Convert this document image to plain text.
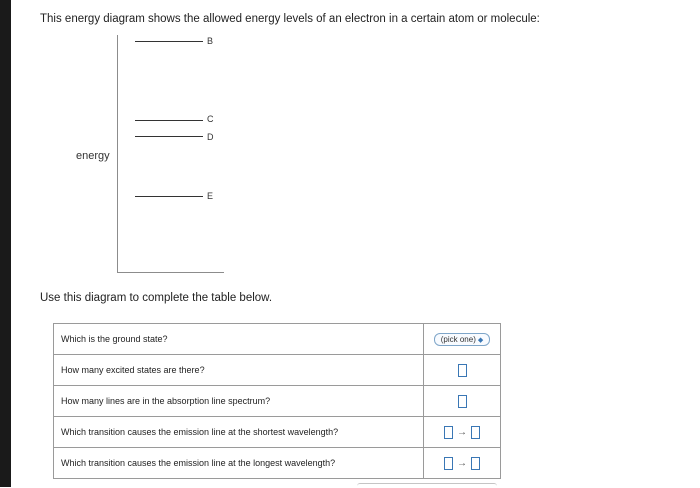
This energy diagram shows the allowed energy levels of an electron in a certain atom or molecule:
B
C
D
E
energy
Use this diagram to complete the table below.
Which is the ground state?	(pick one) ◆
How many excited states are there?	
How many lines are in the absorption line spectrum?	
Which transition causes the emission line at the shortest wavelength?	→
Which transition causes the emission line at the longest wavelength?	→
